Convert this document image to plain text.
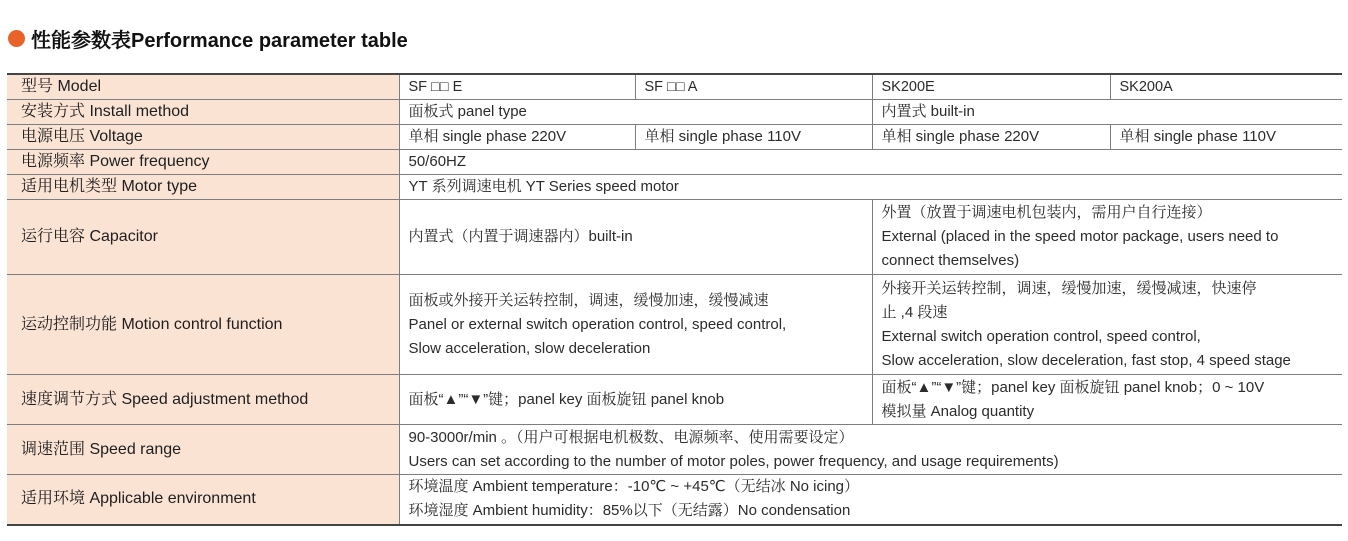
性能参数表Performance parameter table
型号 Model	SF □□ E	SF □□ A	SK200E	SK200A
安装方式 Install method	面板式 panel type		内置式 built-in	
电源电压 Voltage	单相 single phase 220V	单相 single phase 110V	单相 single phase 220V	单相 single phase 110V
电源频率 Power frequency	50/60HZ			
适用电机类型 Motor type	YT 系列调速电机 YT Series speed motor			
运行电容 Capacitor	内置式（内置于调速器内）built-in		外置（放置于调速电机包装内，需用户自行连接）
External (placed in the speed motor package, users need to
connect themselves)	

运动控制功能 Motion control function	面板或外接开关运转控制，调速，缓慢加速，缓慢减速
Panel or external switch operation control, speed control,
Slow acceleration, slow deceleration		外接开关运转控制，调速，缓慢加速，缓慢减速，快速停
止 ,4 段速
External switch operation control, speed control,
Slow acceleration, slow deceleration, fast stop, 4 speed stage	

速度调节方式 Speed adjustment method	面板“▲”“▼”键；panel key 面板旋钮 panel knob		面板“▲”“▼”键；panel key 面板旋钮 panel knob；0 ~ 10V
模拟量 Analog quantity	

调速范围 Speed range	90-3000r/min 。（用户可根据电机极数、电源频率、使用需要设定）
Users can set according to the number of motor poles, power frequency, and usage requirements)			

适用环境 Applicable environment	环境温度 Ambient temperature：-10℃ ~ +45℃（无结冰 No icing）
环境湿度 Ambient humidity：85%以下（无结露）No condensation			
